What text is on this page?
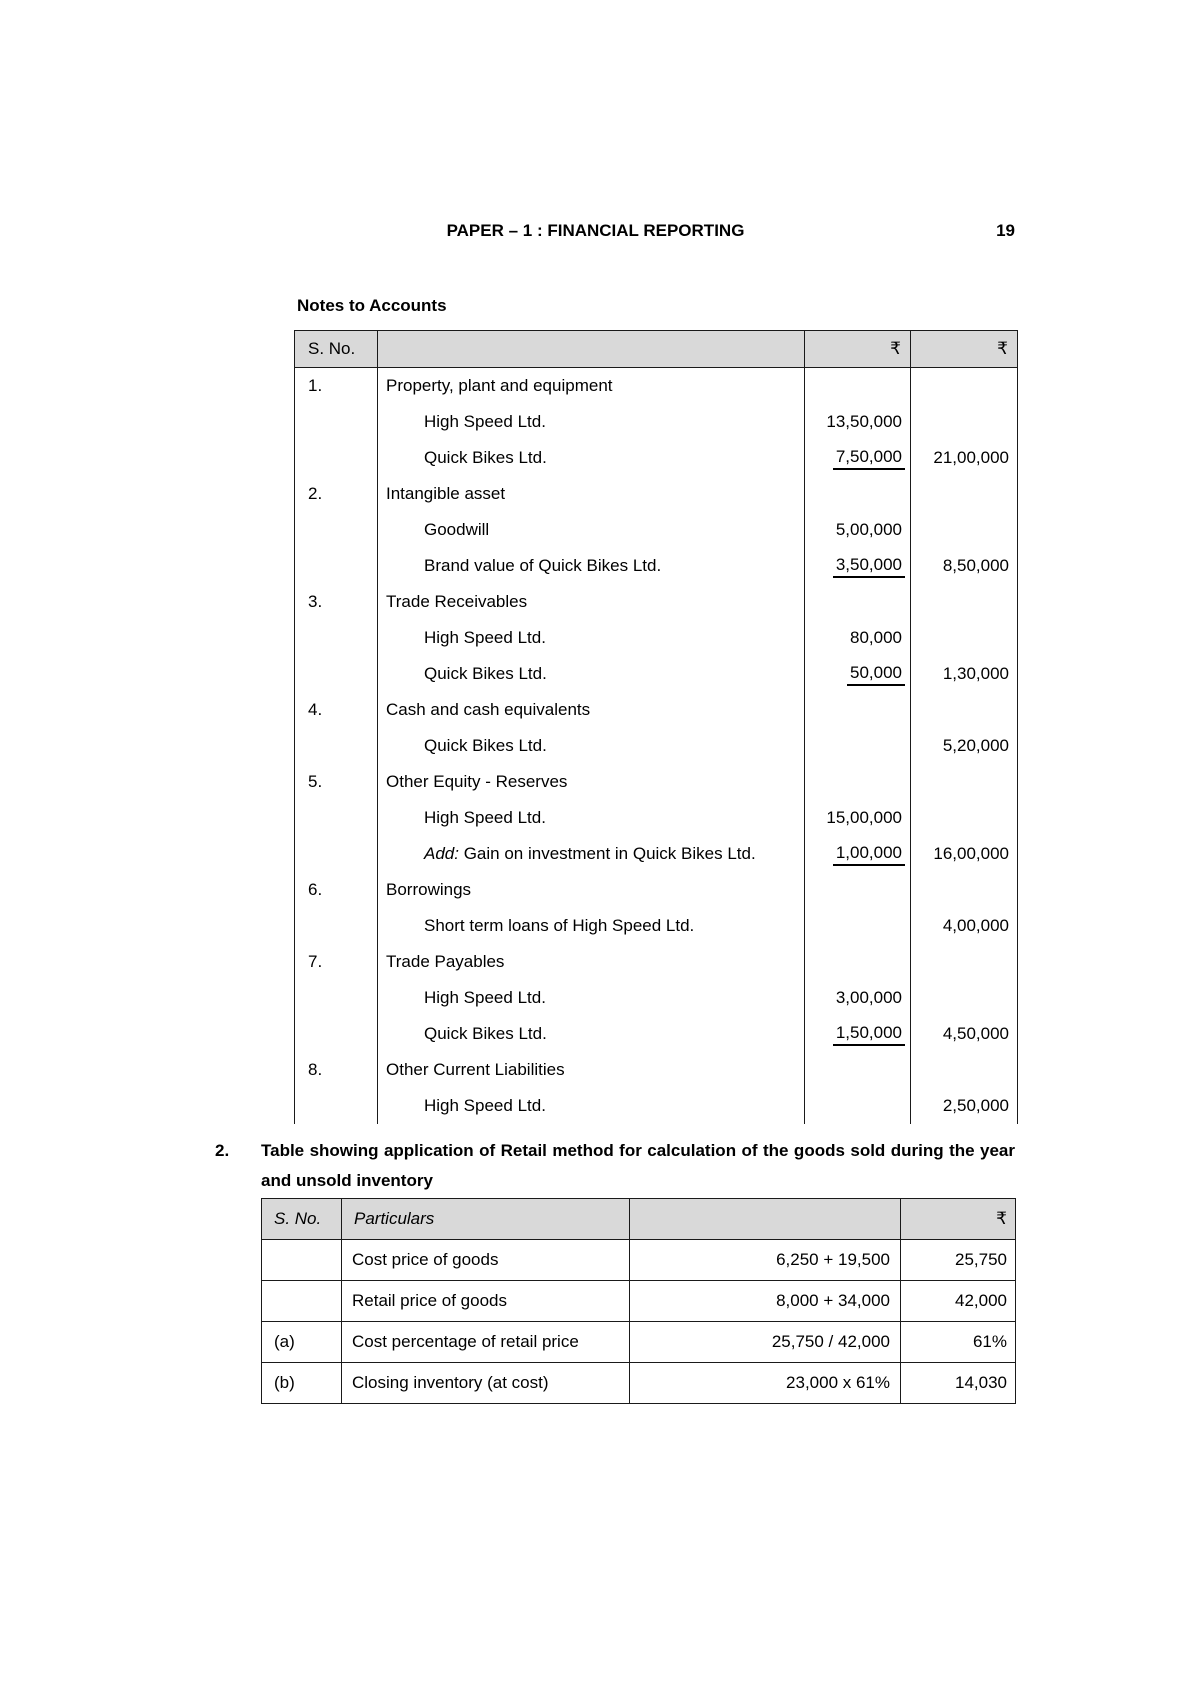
PAPER – 1 : FINANCIAL REPORTING	19
Notes to Accounts
S. No.		₹	₹
1.	Property, plant and equipment		
	High Speed Ltd.	13,50,000	
	Quick Bikes Ltd.	7,50,000	21,00,000
2.	Intangible asset		
	Goodwill	5,00,000	
	Brand value of Quick Bikes Ltd.	3,50,000	8,50,000
3.	Trade Receivables		
	High Speed Ltd.	80,000	
	Quick Bikes Ltd.	50,000	1,30,000
4.	Cash and cash equivalents		
	Quick Bikes Ltd.		5,20,000
5.	Other Equity - Reserves		
	High Speed Ltd.	15,00,000	
	Add: Gain on investment in Quick Bikes Ltd.	1,00,000	16,00,000
6.	Borrowings		
	Short term loans of High Speed Ltd.		4,00,000
7.	Trade Payables		
	High Speed Ltd.	3,00,000	
	Quick Bikes Ltd.	1,50,000	4,50,000
8.	Other Current Liabilities		
	High Speed Ltd.		2,50,000
2.	Table showing application of Retail method for calculation of the goods sold during the year and unsold inventory
S. No.	Particulars		₹
	Cost price of goods	6,250 + 19,500	25,750
	Retail price of goods	8,000 + 34,000	42,000
(a)	Cost percentage of retail price	25,750 / 42,000	61%
(b)	Closing inventory (at cost)	23,000 x 61%	14,030
